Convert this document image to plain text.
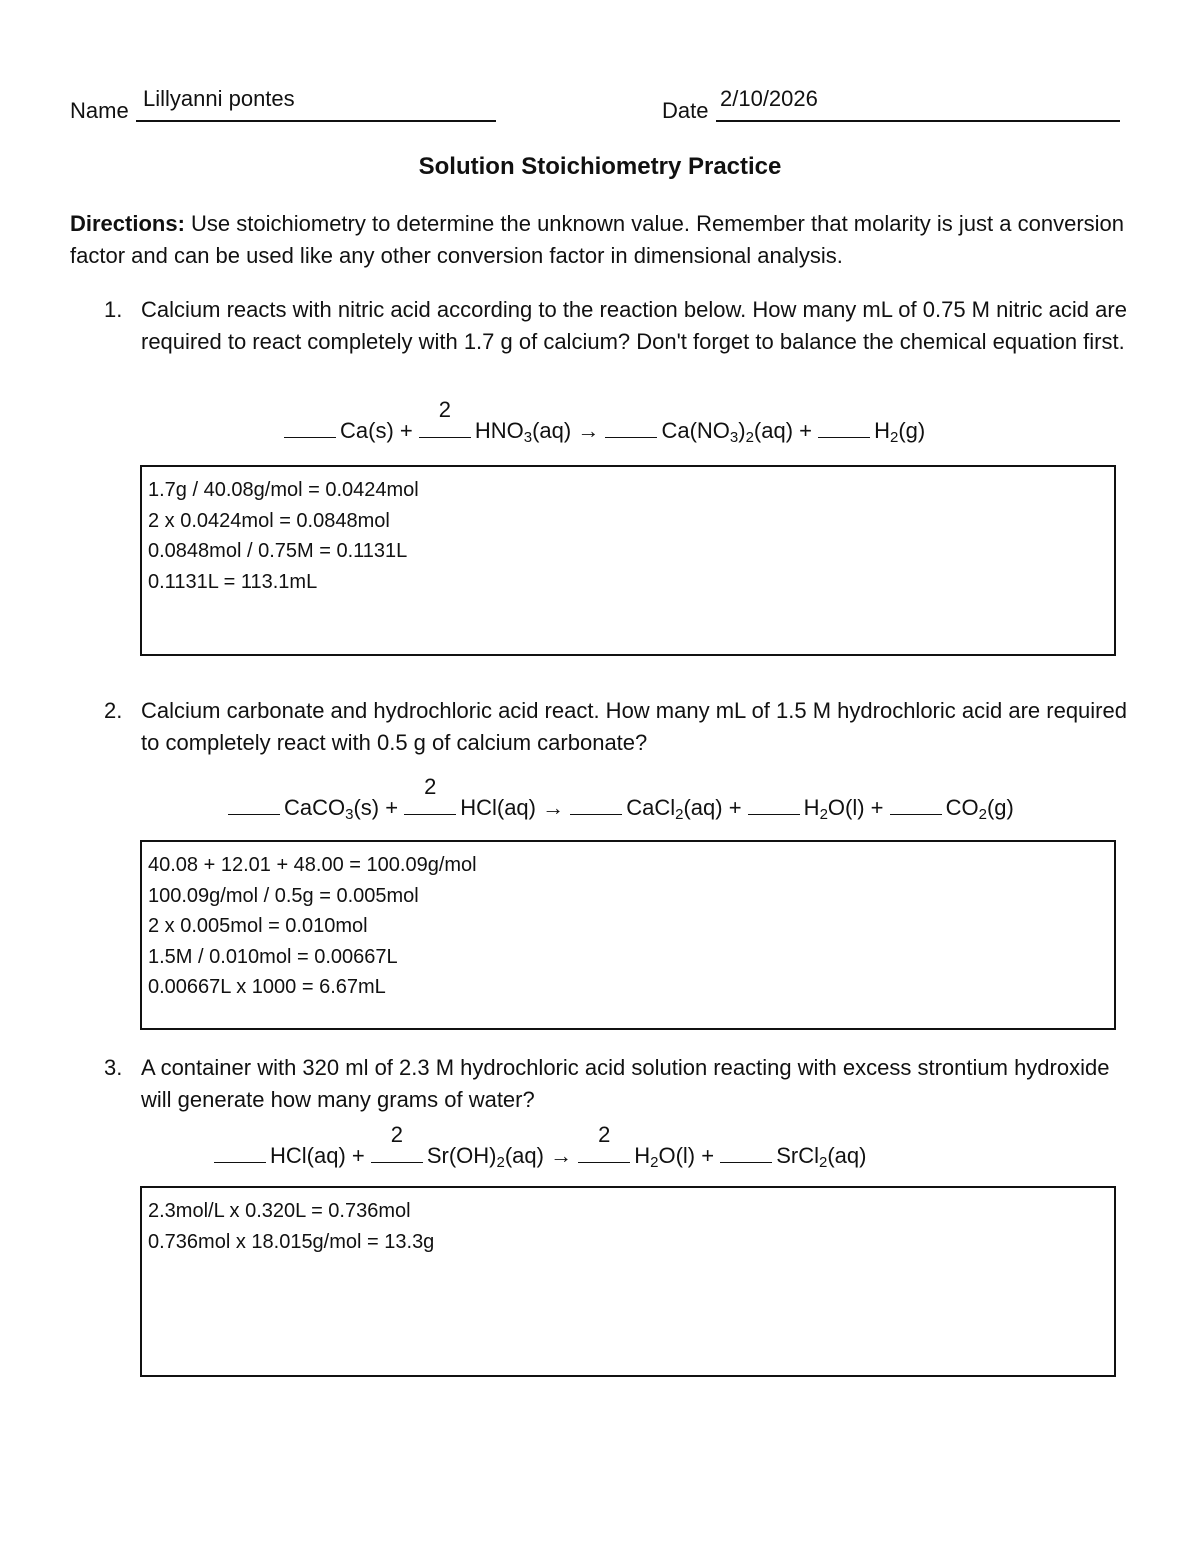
Name Lillyanni pontes	Date 2/10/2026
Solution Stoichiometry Practice
Directions: Use stoichiometry to determine the unknown value. Remember that molarity is just a conversion factor and can be used like any other conversion factor in dimensional analysis.
1. Calcium reacts with nitric acid according to the reaction below. How many mL of 0.75 M nitric acid are required to react completely with 1.7 g of calcium? Don't forget to balance the chemical equation first.
Ca(s) +
2
$HNO_3(aq)$ →	$Ca(NO_3)_2(aq)$ +	$H_2(g)$
1.7g / 40.08g/mol = 0.0424mol
2 x 0.0424mol = 0.0848mol
0.0848mol / 0.75M = 0.1131L
0.1131L = 113.1mL
2. Calcium carbonate and hydrochloric acid react. How many mL of 1.5 M hydrochloric acid are required to completely react with 0.5 g of calcium carbonate?
CaCO$_3$(s) +
2
HCl(aq) →	CaCl$_2$(aq) +	$H_2O(l)$ +	$CO_2(g)$
40.08 + 12.01 + 48.00 = 100.09g/mol
100.09g/mol / 0.5g = 0.005mol
2 x 0.005mol = 0.010mol
1.5M / 0.010mol = 0.00667L
0.00667L x 1000 = 6.67mL
3. A container with 320 ml of 2.3 M hydrochloric acid solution reacting with excess strontium hydroxide will generate how many grams of water?
HCl(aq) +
2
$Sr(OH)_2(aq)$ →
2
$H_2O(l)$ +	SrCl$_2$(aq)
2.3mol/L x 0.320L = 0.736mol
0.736mol x 18.015g/mol = 13.3g
